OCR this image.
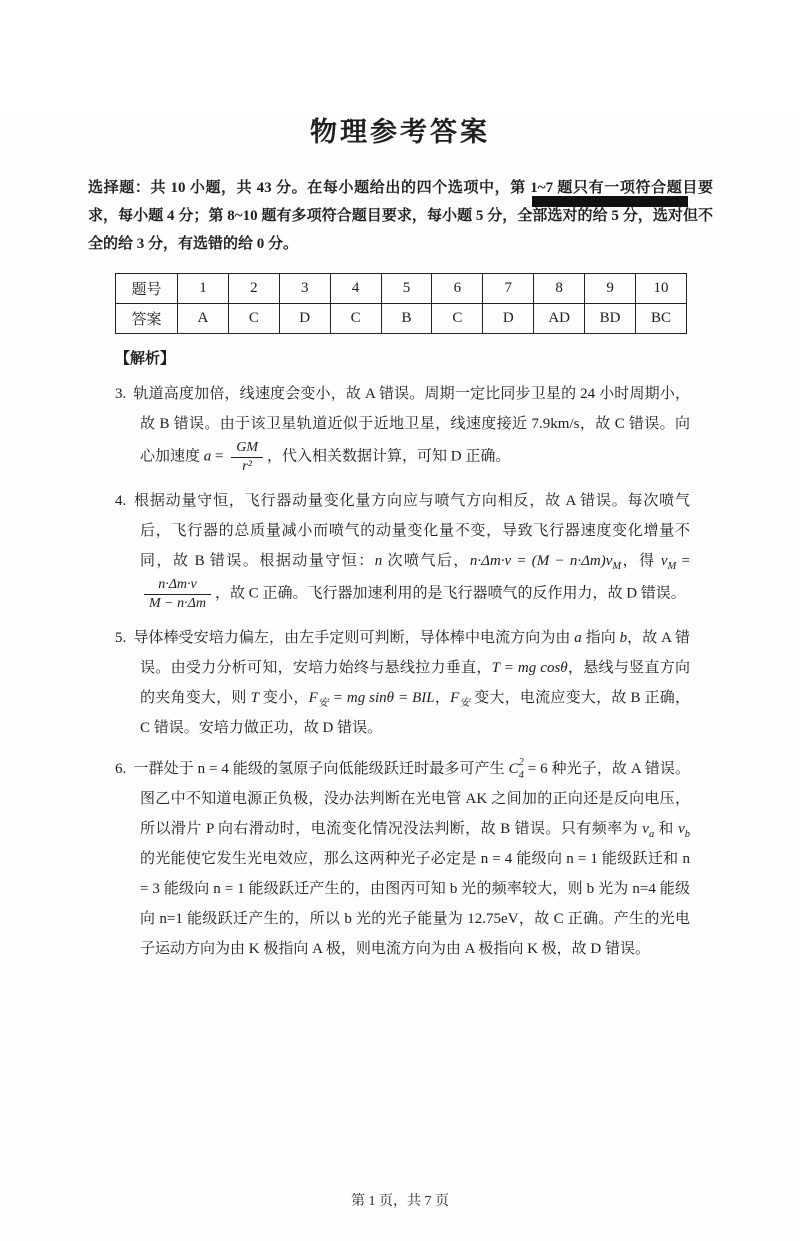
物理参考答案

选择题：共 10 小题，共 43 分。在每小题给出的四个选项中，第 1~7 题只有一项符合题目要求，每小题 4 分；第 8~10 题有多项符合题目要求，每小题 5 分，全部选对的给 5 分，选对但不全的给 3 分，有选错的给 0 分。

题号	1	2	3	4	5	6	7	8	9	10
答案	A	C	D	C	B	C	D	AD	BD	BC

【解析】

3. 轨道高度加倍，线速度会变小，故 A 错误。周期一定比同步卫星的 24 小时周期小，故 B 错误。由于该卫星轨道近似于近地卫星，线速度接近 7.9km/s，故 C 错误。向心加速度 $a = \frac{GM}{\text{r²}}$ ，代入相关数据计算，可知 D 正确。
4. 根据动量守恒，飞行器动量变化量方向应与喷气方向相反，故 A 错误。每次喷气后，飞行器的总质量减小而喷气的动量变化量不变，导致飞行器速度变化增量不同，故 B 错误。根据动量守恒：n 次喷气后，$n\cdot\Delta m\cdot v = (M - n\cdot\Delta m)v_M$，得 $v_M$ =
$\frac{n\cdot\Delta m\cdot v}{M - n\cdot\Delta m}$ ，故 C 正确。飞行器加速利用的是飞行器喷气的反作用力，故 D 错误。
5. 导体棒受安培力偏左，由左手定则可判断，导体棒中电流方向为由 a 指向 b，故 A 错误。由受力分析可知，安培力始终与悬线拉力垂直，T = mg cosθ，悬线与竖直方向的夹角变大，则 T 变小，$F_安$ = mg sinθ = BIL，$F_安$ 变大，电流应变大，故 B 正确，C 错误。安培力做正功，故 D 错误。
6. 一群处于 n = 4 能级的氢原子向低能级跃迁时最多可产生 C 2
4 = 6 种光子，故 A 错误。图乙中不知道电源正负极，没办法判断在光电管 AK 之间加的正向还是反向电压，所以滑片 P 向右滑动时，电流变化情况没法判断，故 B 错误。只有频率为 $v_a$ 和 $v_b$ 的光能使它发生光电效应，那么这两种光子必定是 n = 4 能级向 n = 1 能级跃迁和 n = 3 能级向 n = 1 能级跃迁产生的，由图丙可知 b 光的频率较大，则 b 光为 n=4 能级向 n=1 能级跃迁产生的，所以 b 光的光子能量为 12.75eV，故 C 正确。产生的光电子运动方向为由 K 极指向 A 极，则电流方向为由 A 极指向 K 极，故 D 错误。

第 1 页，共 7 页
